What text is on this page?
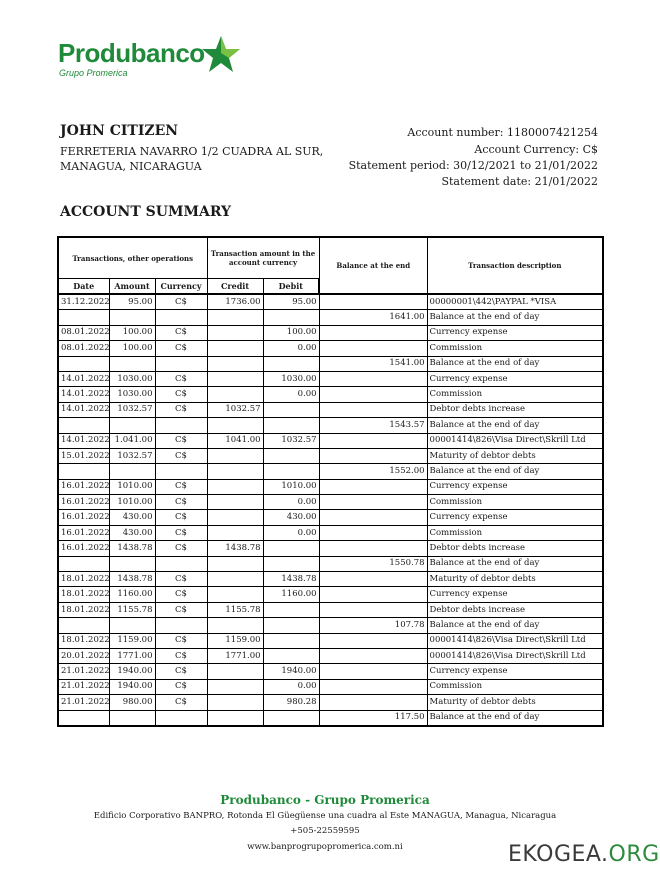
Produbanco
Grupo Promerica
JOHN CITIZEN
FERRETERIA NAVARRO 1/2 CUADRA AL SUR,
MANAGUA, NICARAGUA
Account number: 1180007421254
Account Currency: C$
Statement period: 30/12/2021 to 21/01/2022
Statement date: 21/01/2022
ACCOUNT SUMMARY
Transactions, other operations			Transaction amount in the account currency		Balance at the end	Transaction description
Date	Amount	Currency	Credit	Debit		
31.12.2022	95.00	C$	1736.00	95.00		00000001\442\PAYPAL *VISA
					1641.00	Balance at the end of day
08.01.2022	100.00	C$		100.00		Currency expense
08.01.2022	100.00	C$		0.00		Commission
					1541.00	Balance at the end of day
14.01.2022	1030.00	C$		1030.00		Currency expense
14.01.2022	1030.00	C$		0.00		Commission
14.01.2022	1032.57	C$	1032.57			Debtor debts increase
					1543.57	Balance at the end of day
14.01.2022	1.041.00	C$	1041.00	1032.57		00001414\826\Visa Direct\Skrill Ltd
15.01.2022	1032.57	C$				Maturity of debtor debts
					1552.00	Balance at the end of day
16.01.2022	1010.00	C$		1010.00		Currency expense
16.01.2022	1010.00	C$		0.00		Commission
16.01.2022	430.00	C$		430.00		Currency expense
16.01.2022	430.00	C$		0.00		Commission
16.01.2022	1438.78	C$	1438.78			Debtor debts increase
					1550.78	Balance at the end of day
18.01.2022	1438.78	C$		1438.78		Maturity of debtor debts
18.01.2022	1160.00	C$		1160.00		Currency expense
18.01.2022	1155.78	C$	1155.78			Debtor debts increase
					107.78	Balance at the end of day
18.01.2022	1159.00	C$	1159.00			00001414\826\Visa Direct\Skrill Ltd
20.01.2022	1771.00	C$	1771.00			00001414\826\Visa Direct\Skrill Ltd
21.01.2022	1940.00	C$		1940.00		Currency expense
21.01.2022	1940.00	C$		0.00		Commission
21.01.2022	980.00	C$		980.28		Maturity of debtor debts
					117.50	Balance at the end of day
Produbanco - Grupo Promerica
Edificio Corporativo BANPRO, Rotonda El Güegüense una cuadra al Este MANAGUA, Managua, Nicaragua
+505-22559595
www.banprogrupopromerica.com.ni	EKOGEA.ORG
